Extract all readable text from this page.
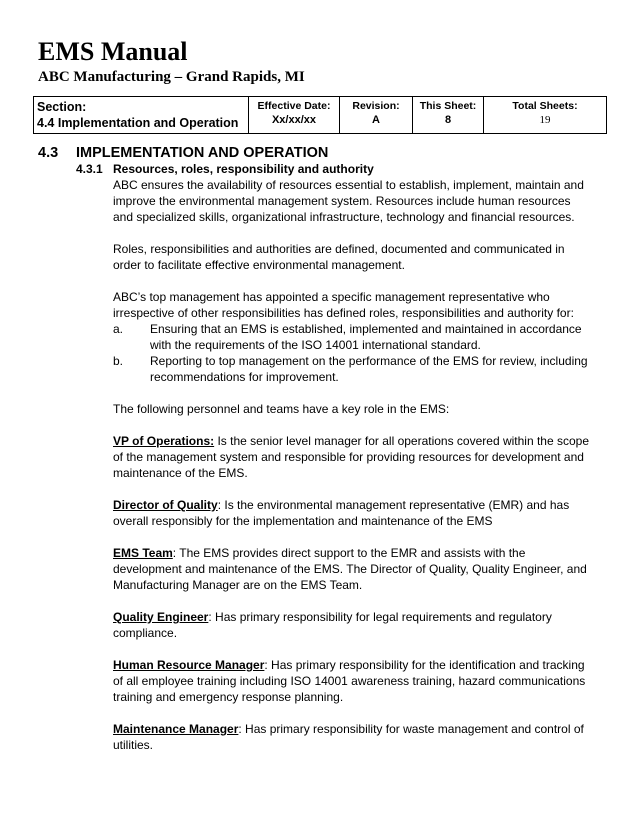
EMS Manual
ABC Manufacturing – Grand Rapids, MI
Section:
4.4 Implementation and Operation

Effective Date:
Xx/xx/xx

Revision:
A

This Sheet:
8

Total Sheets:
19
4.3 IMPLEMENTATION AND OPERATION
4.3.1 Resources, roles, responsibility and authority

ABC ensures the availability of resources essential to establish, implement, maintain and improve the environmental management system. Resources include human resources and specialized skills, organizational infrastructure, technology and financial resources.

Roles, responsibilities and authorities are defined, documented and communicated in order to facilitate effective environmental management.

ABC’s top management has appointed a specific management representative who irrespective of other responsibilities has defined roles, responsibilities and authority for:

a. Ensuring that an EMS is established, implemented and maintained in accordance with the requirements of the ISO 14001 international standard.
b. Reporting to top management on the performance of the EMS for review, including recommendations for improvement.

The following personnel and teams have a key role in the EMS:

VP of Operations: Is the senior level manager for all operations covered within the scope of the management system and responsible for providing resources for development and maintenance of the EMS.

Director of Quality: Is the environmental management representative (EMR) and has overall responsibly for the implementation and maintenance of the EMS

EMS Team: The EMS provides direct support to the EMR and assists with the development and maintenance of the EMS. The Director of Quality, Quality Engineer, and Manufacturing Manager are on the EMS Team.

Quality Engineer: Has primary responsibility for legal requirements and regulatory compliance.

Human Resource Manager: Has primary responsibility for the identification and tracking of all employee training including ISO 14001 awareness training, hazard communications training and emergency response planning.

Maintenance Manager: Has primary responsibility for waste management and control of utilities.
